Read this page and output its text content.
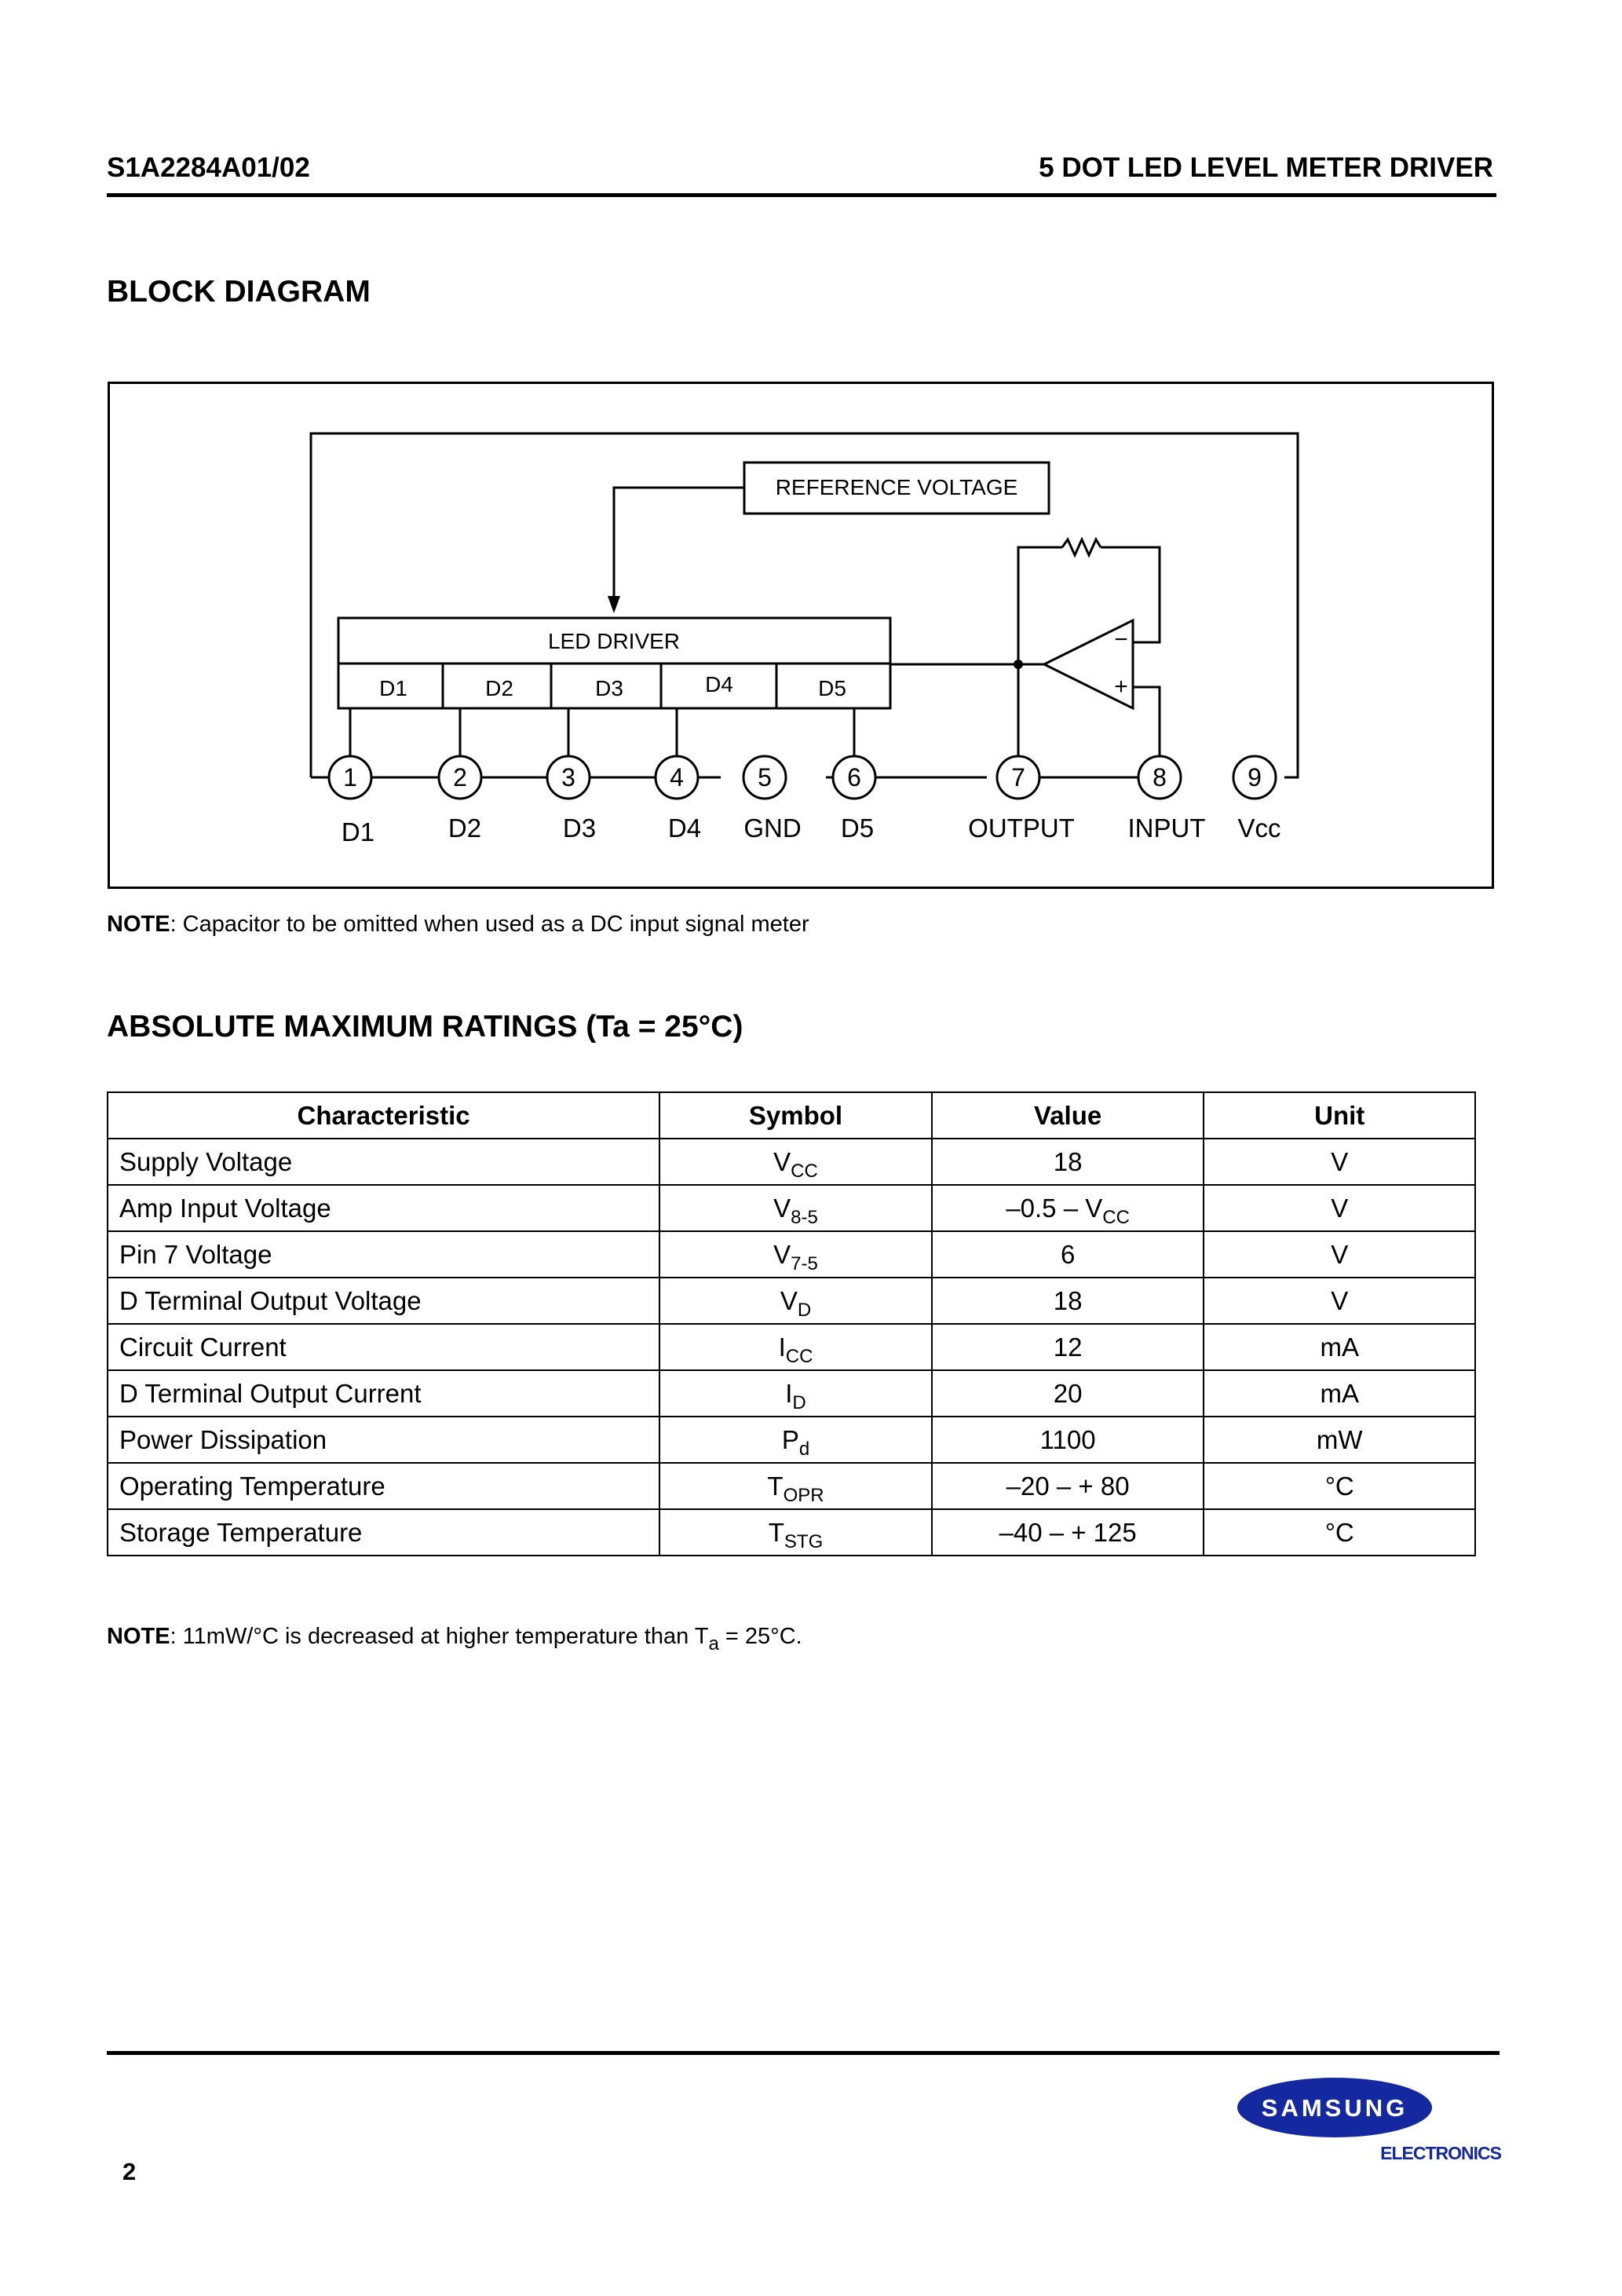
S1A2284A01/02	5 DOT LED LEVEL METER DRIVER
BLOCK DIAGRAM
REFERENCE VOLTAGE
LED DRIVER
D1	D2	D3	D4	D5
−
+
1	2	3	4	5	6	7	8	9
D1	D2	D3	D4 GND D5	OUTPUT INPUT Vcc
NOTE: Capacitor to be omitted when used as a DC input signal meter
ABSOLUTE MAXIMUM RATINGS (Ta = 25°C)
Characteristic	Symbol	Value	Unit
Supply Voltage	$V_{CC}$	18	V
Amp Input Voltage	$V_{8-5}$	$-0.5 - V_{CC}$	V
Pin 7 Voltage	$V_{7-5}$	6	V
D Terminal Output Voltage	$V_D$	18	V
Circuit Current	$I_{CC}$	12	mA
D Terminal Output Current	$I_D$	20	mA
Power Dissipation	$P_d$	1100	mW
Operating Temperature	$T_{OPR}$	–20 – + 80	°C
Storage Temperature	$T_{STG}$	–40 – + 125	°C
NOTE: 11mW/°C is decreased at higher temperature than $T_a = 25^\circ C$.
2
SAMSUNG
ELECTRONICS
